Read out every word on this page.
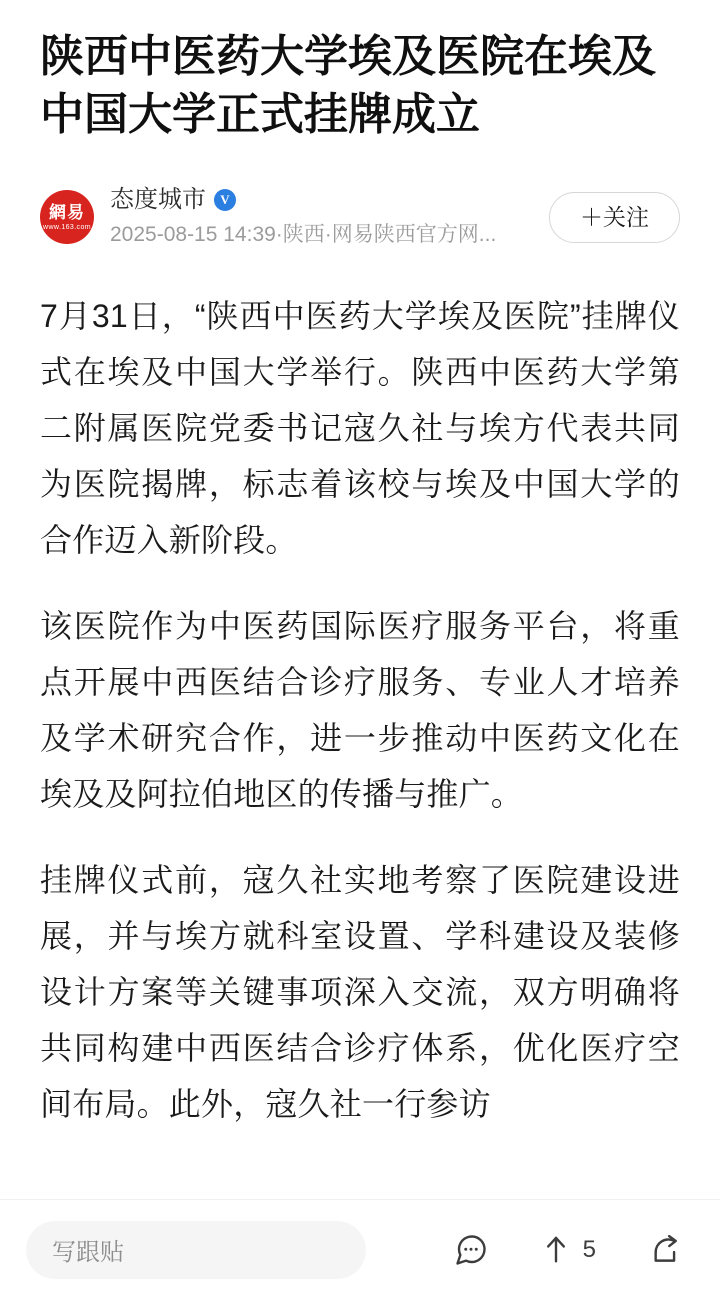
陕西中医药大学埃及医院在埃及中国大学正式挂牌成立
網易
www.163.com
态度城市	V
2025-08-15 14:39·陕西·网易陕西官方网...
＋关注

7月31日，“陕西中医药大学埃及医院”挂牌仪式在埃及中国大学举行。陕西中医药大学第二附属医院党委书记寇久社与埃方代表共同为医院揭牌，标志着该校与埃及中国大学的合作迈入新阶段。

该医院作为中医药国际医疗服务平台，将重点开展中西医结合诊疗服务、专业人才培养及学术研究合作，进一步推动中医药文化在埃及及阿拉伯地区的传播与推广。

挂牌仪式前，寇久社实地考察了医院建设进展，并与埃方就科室设置、学科建设及装修设计方案等关键事项深入交流，双方明确将共同构建中西医结合诊疗体系，优化医疗空间布局。此外，寇久社一行参访

写跟贴	5
